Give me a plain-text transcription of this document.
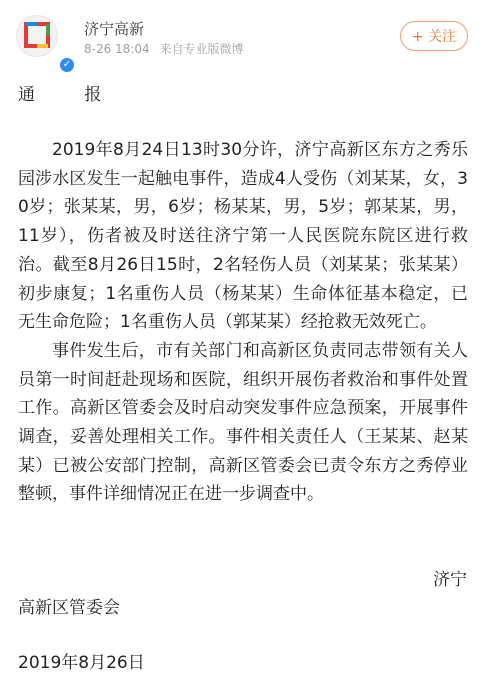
✓
济宁高新
8-26 18:04 来自专业版微博
+ 关注
通 报

2019年8月24日13时30分许，济宁高新区东方之秀乐园涉水区发生一起触电事件，造成4人受伤（刘某某，女，30岁；张某某，男，6岁；杨某某，男，5岁；郭某某，男，11岁），伤者被及时送往济宁第一人民医院东院区进行救治。截至8月26日15时，2名轻伤人员（刘某某；张某某）初步康复；1名重伤人员（杨某某）生命体征基本稳定，已无生命危险；1名重伤人员（郭某某）经抢救无效死亡。

事件发生后，市有关部门和高新区负责同志带领有关人员第一时间赶赴现场和医院，组织开展伤者救治和事件处置工作。高新区管委会及时启动突发事件应急预案，开展事件调查，妥善处理相关工作。事件相关责任人（王某某、赵某某）已被公安部门控制，高新区管委会已责令东方之秀停业整顿，事件详细情况正在进一步调查中。

济宁
高新区管委会
2019年8月26日
